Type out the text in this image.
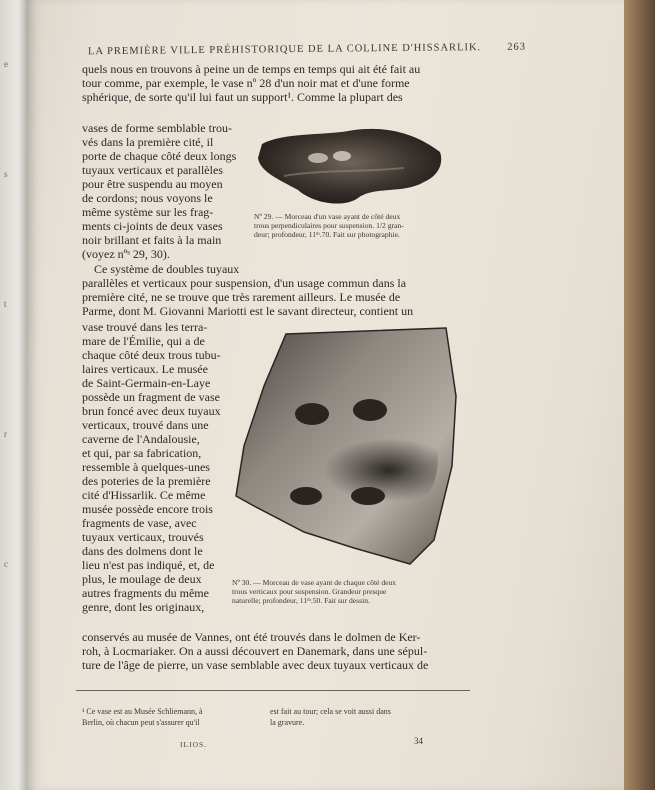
e
s
t
r
c
LA PREMIÈRE VILLE PRÉHISTORIQUE DE LA COLLINE D'HISSARLIK. 263
quels nous en trouvons à peine un de temps en temps qui ait été fait au
tour comme, par exemple, le vase nº 28 d'un noir mat et d'une forme
sphérique, de sorte qu'il lui faut un support¹. Comme la plupart des
vases de forme semblable trou-
vés dans la première cité, il
porte de chaque côté deux longs
tuyaux verticaux et parallèles
pour être suspendu au moyen
de cordons; nous voyons le
même système sur les frag-
ments ci-joints de deux vases
noir brillant et faits à la main
(voyez nºˢ 29, 30).
Ce système de doubles tuyaux
Nº 29. — Morceau d'un vase ayant de côté deux
trous perpendiculaires pour suspension. 1/2 gran-
deur; profondeur, 11ᵐ.70. Fait sur photographie.
parallèles et verticaux pour suspension, d'un usage commun dans la
première cité, ne se trouve que très rarement ailleurs. Le musée de
Parme, dont M. Giovanni Mariotti est le savant directeur, contient un
vase trouvé dans les terra-
mare de l'Émilie, qui a de
chaque côté deux trous tubu-
laires verticaux. Le musée
de Saint-Germain-en-Laye
possède un fragment de vase
brun foncé avec deux tuyaux
verticaux, trouvé dans une
caverne de l'Andalousie,
et qui, par sa fabrication,
ressemble à quelques-unes
des poteries de la première
cité d'Hissarlik. Ce même
musée possède encore trois
fragments de vase, avec
tuyaux verticaux, trouvés
dans des dolmens dont le
lieu n'est pas indiqué, et, de
plus, le moulage de deux
autres fragments du même
genre, dont les originaux,
Nº 30. — Morceau de vase ayant de chaque côté deux
trous verticaux pour suspension. Grandeur presque
naturelle; profondeur, 11ᵐ.50. Fait sur dessin.
conservés au musée de Vannes, ont été trouvés dans le dolmen de Ker-
roh, à Locmariaker. On a aussi découvert en Danemark, dans une sépul-
ture de l'âge de pierre, un vase semblable avec deux tuyaux verticaux de
¹ Ce vase est au Musée Schliemann, à
Berlin, où chacun peut s'assurer qu'il
est fait au tour; cela se voit aussi dans
la gravure.
ILIOS.	34
